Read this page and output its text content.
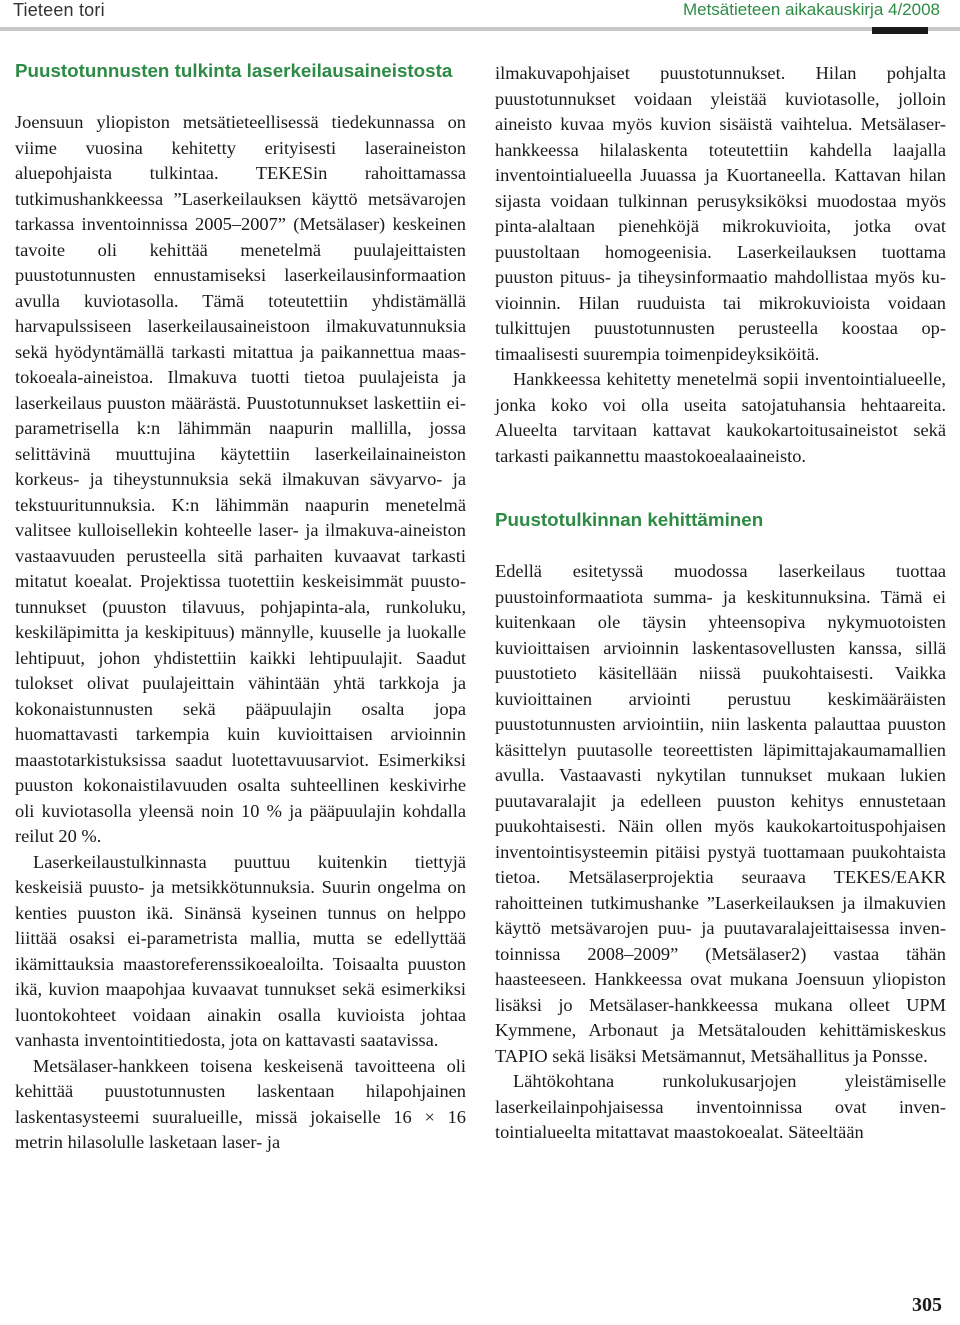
Tieteen tori	Metsätieteen aikakauskirja 4/2008
Puustotunnusten tulkinta laserkeilausaineistosta

Joensuun yliopiston metsätieteellisessä tiedekunnassa on viime vuosina kehitetty erityisesti laseraineiston aluepohjaista tulkintaa. TEKESin rahoittamassa tutkimushankkeessa ”Laserkeilauksen käyttö metsävarojen tarkassa inventoinnissa 2005–2007” (Metsälaser) keskeinen tavoite oli kehittää menetelmä puulajeittaisten puustotunnusten ennustamiseksi laserkeilausinformaation avulla kuviotasolla. Tämä toteutettiin yhdistämällä harvapulssiseen laserkeilausaineistoon ilmakuvatunnuksia sekä hyödyntämällä tarkasti mitattua ja paikannettua maastokoeala-aineistoa. Ilmakuva tuotti tietoa puulajeista ja laserkeilaus puuston määrästä. Puustotunnukset laskettiin ei-parametrisella k:n lähimmän naapurin mallilla, jossa selittävinä muuttujina käytettiin laserkeilainaineiston korkeus- ja tiheystunnuksia sekä ilmakuvan sävyarvo- ja tekstuuritunnuksia. K:n lähimmän naapurin menetelmä valitsee kulloisellekin kohteelle laser- ja ilmakuva-aineiston vastaavuuden perusteella sitä parhaiten kuvaavat tarkasti mitatut koealat. Projektissa tuotettiin keskeisimmät puustotunnukset (puuston tilavuus, pohjapinta-ala, runkoluku, keskiläpimitta ja keskipituus) männylle, kuuselle ja luokalle lehtipuut, johon yhdistettiin kaikki lehtipuulajit. Saadut tulokset olivat puulajeittain vähintään yhtä tarkkoja ja kokonaistunnusten sekä pääpuulajin osalta jopa huomattavasti tarkempia kuin kuvioittaisen arvioinnin maastotarkistuksissa saadut luotettavuusarviot. Esimerkiksi puuston kokonaistilavuuden osalta suhteellinen keskivirhe oli kuviotasolla yleensä noin 10 % ja pääpuulajin kohdalla reilut 20 %.

Laserkeilaustulkinnasta puuttuu kuitenkin tiettyjä keskeisiä puusto- ja metsikkötunnuksia. Suurin ongelma on kenties puuston ikä. Sinänsä kyseinen tunnus on helppo liittää osaksi ei-parametrista mallia, mutta se edellyttää ikämittauksia maastoreferenssikoealoilta. Toisaalta puuston ikä, kuvion maapohjaa kuvaavat tunnukset sekä esimerkiksi luontokohteet voidaan ainakin osalla kuvioista johtaa vanhasta inventointitiedosta, jota on kattavasti saatavissa.

Metsälaser-hankkeen toisena keskeisenä tavoitteena oli kehittää puustotunnusten laskentaan hilapohjainen laskentasysteemi suuralueille, missä jokaiselle 16 × 16 metrin hilasolulle lasketaan laser- ja

ilmakuvapohjaiset puustotunnukset. Hilan pohjalta puustotunnukset voidaan yleistää kuviotasolle, jolloin aineisto kuvaa myös kuvion sisäistä vaihtelua. Metsälaser-hankkeessa hilalaskenta toteutettiin kahdella laajalla inventointialueella Juuassa ja Kuortaneella. Kattavan hilan sijasta voidaan tulkinnan perusyksiköksi muodostaa myös pinta-alaltaan pienehköjä mikrokuvioita, jotka ovat puustoltaan homogeenisia. Laserkeilauksen tuottama puuston pituus- ja tiheysinformaatio mahdollistaa myös kuvioinnin. Hilan ruuduista tai mikrokuvioista voidaan tulkittujen puustotunnusten perusteella koostaa optimaalisesti suurempia toimenpideyksiköitä.

Hankkeessa kehitetty menetelmä sopii inventointialueelle, jonka koko voi olla useita satojatuhansia hehtaareita. Alueelta tarvitaan kattavat kaukokartoitusaineistot sekä tarkasti paikannettu maastokoealaaineisto.

Puustotulkinnan kehittäminen

Edellä esitetyssä muodossa laserkeilaus tuottaa puustoinformaatiota summa- ja keskitunnuksina. Tämä ei kuitenkaan ole täysin yhteensopiva nykymuotoisten kuvioittaisen arvioinnin laskentasovellusten kanssa, sillä puustotieto käsitellään niissä puukohtaisesti. Vaikka kuvioittainen arviointi perustuu keskimääräisten puustotunnusten arviointiin, niin laskenta palauttaa puuston käsittelyn puutasolle teoreettisten läpimittajakaumamallien avulla. Vastaavasti nykytilan tunnukset mukaan lukien puutavaralajit ja edelleen puuston kehitys ennustetaan puukohtaisesti. Näin ollen myös kaukokartoituspohjaisen inventointisysteemin pitäisi pystyä tuottamaan puukohtaista tietoa. Metsälaserprojektia seuraava TEKES/EAKR rahoitteinen tutkimushanke ”Laserkeilauksen ja ilmakuvien käyttö metsävarojen puu- ja puutavaralajeittaisessa inventoinnissa 2008–2009” (Metsälaser2) vastaa tähän haasteeseen. Hankkeessa ovat mukana Joensuun yliopiston lisäksi jo Metsälaser-hankkeessa mukana olleet UPM Kymmene, Arbonaut ja Metsätalouden kehittämiskeskus TAPIO sekä lisäksi Metsämannut, Metsähallitus ja Ponsse.

Lähtökohtana runkolukusarjojen yleistämiselle laserkeilainpohjaisessa inventoinnissa ovat inventointialueelta mitattavat maastokoealat. Säteeltään

305
